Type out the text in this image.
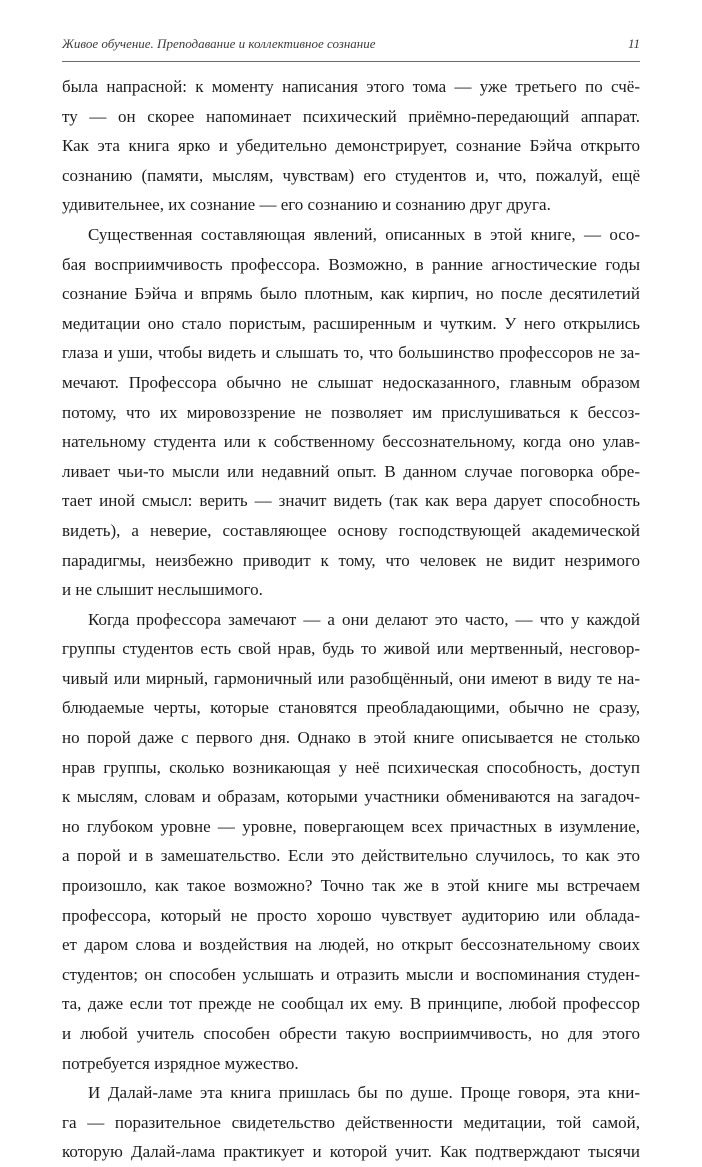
Живое обучение. Преподавание и коллективное сознание	11
была напрасной: к моменту написания этого тома — уже третьего по счё-
ту — он скорее напоминает психический приёмно-передающий аппарат.
Как эта книга ярко и убедительно демонстрирует, сознание Бэйча открыто
сознанию (памяти, мыслям, чувствам) его студентов и, что, пожалуй, ещё
удивительнее, их сознание — его сознанию и сознанию друг друга.
Существенная составляющая явлений, описанных в этой книге, — осо-
бая восприимчивость профессора. Возможно, в ранние агностические годы
сознание Бэйча и впрямь было плотным, как кирпич, но после десятилетий
медитации оно стало пористым, расширенным и чутким. У него открылись
глаза и уши, чтобы видеть и слышать то, что большинство профессоров не за-
мечают. Профессора обычно не слышат недосказанного, главным образом
потому, что их мировоззрение не позволяет им прислушиваться к бессоз-
нательному студента или к собственному бессознательному, когда оно улав-
ливает чьи-то мысли или недавний опыт. В данном случае поговорка обре-
тает иной смысл: верить — значит видеть (так как вера дарует способность
видеть), а неверие, составляющее основу господствующей академической
парадигмы, неизбежно приводит к тому, что человек не видит незримого
и не слышит неслышимого.
Когда профессора замечают — а они делают это часто, — что у каждой
группы студентов есть свой нрав, будь то живой или мертвенный, несговор-
чивый или мирный, гармоничный или разобщённый, они имеют в виду те на-
блюдаемые черты, которые становятся преобладающими, обычно не сразу,
но порой даже с первого дня. Однако в этой книге описывается не столько
нрав группы, сколько возникающая у неё психическая способность, доступ
к мыслям, словам и образам, которыми участники обмениваются на загадоч-
но глубоком уровне — уровне, повергающем всех причастных в изумление,
а порой и в замешательство. Если это действительно случилось, то как это
произошло, как такое возможно? Точно так же в этой книге мы встречаем
профессора, который не просто хорошо чувствует аудиторию или облада-
ет даром слова и воздействия на людей, но открыт бессознательному своих
студентов; он способен услышать и отразить мысли и воспоминания студен-
та, даже если тот прежде не сообщал их ему. В принципе, любой профессор
и любой учитель способен обрести такую восприимчивость, но для этого
потребуется изрядное мужество.
И Далай-ламе эта книга пришлась бы по душе. Проще говоря, эта кни-
га — поразительное свидетельство действенности медитации, той самой,
которую Далай-лама практикует и которой учит. Как подтверждают тысячи
